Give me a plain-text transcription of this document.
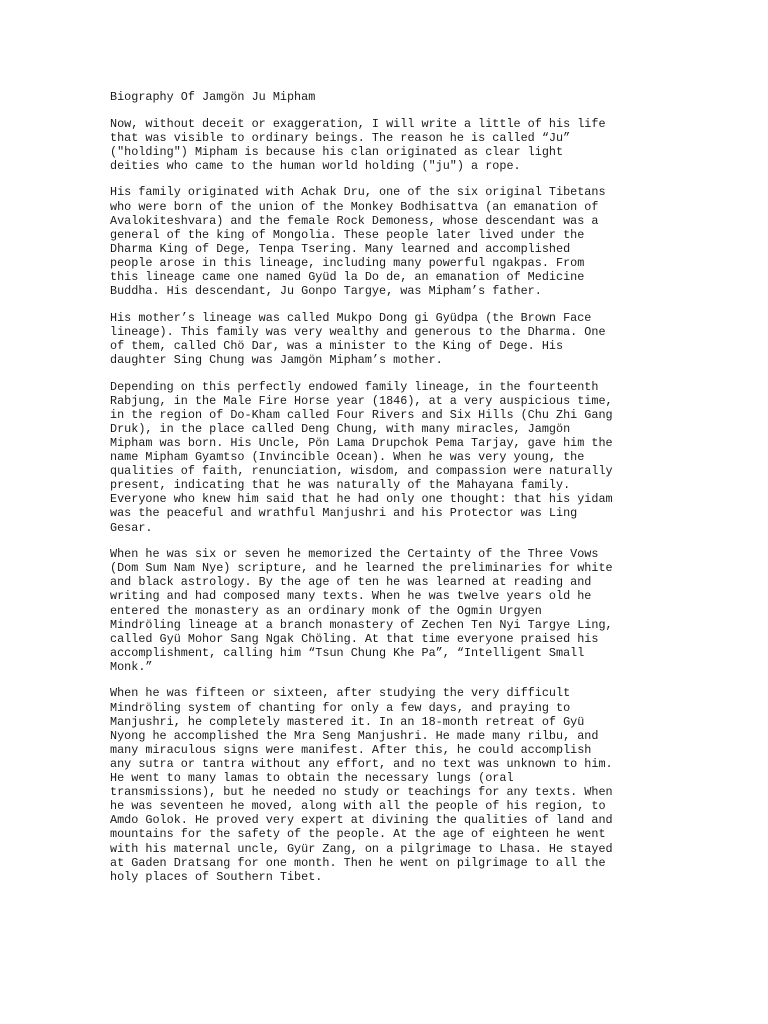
Biography Of Jamgön Ju Mipham
Now, without deceit or exaggeration, I will write a little of his life
that was visible to ordinary beings. The reason he is called “Ju”
("holding") Mipham is because his clan originated as clear light
deities who came to the human world holding ("ju") a rope.
His family originated with Achak Dru, one of the six original Tibetans
who were born of the union of the Monkey Bodhisattva (an emanation of
Avalokiteshvara) and the female Rock Demoness, whose descendant was a
general of the king of Mongolia. These people later lived under the
Dharma King of Dege, Tenpa Tsering. Many learned and accomplished
people arose in this lineage, including many powerful ngakpas. From
this lineage came one named Gyüd la Do de, an emanation of Medicine
Buddha. His descendant, Ju Gonpo Targye, was Mipham’s father.
His mother’s lineage was called Mukpo Dong gi Gyüdpa (the Brown Face
lineage). This family was very wealthy and generous to the Dharma. One
of them, called Chö Dar, was a minister to the King of Dege. His
daughter Sing Chung was Jamgön Mipham’s mother.
Depending on this perfectly endowed family lineage, in the fourteenth
Rabjung, in the Male Fire Horse year (1846), at a very auspicious time,
in the region of Do-Kham called Four Rivers and Six Hills (Chu Zhi Gang
Druk), in the place called Deng Chung, with many miracles, Jamgön
Mipham was born. His Uncle, Pön Lama Drupchok Pema Tarjay, gave him the
name Mipham Gyamtso (Invincible Ocean). When he was very young, the
qualities of faith, renunciation, wisdom, and compassion were naturally
present, indicating that he was naturally of the Mahayana family.
Everyone who knew him said that he had only one thought: that his yidam
was the peaceful and wrathful Manjushri and his Protector was Ling
Gesar.
When he was six or seven he memorized the Certainty of the Three Vows
(Dom Sum Nam Nye) scripture, and he learned the preliminaries for white
and black astrology. By the age of ten he was learned at reading and
writing and had composed many texts. When he was twelve years old he
entered the monastery as an ordinary monk of the Ogmin Urgyen
Mindröling lineage at a branch monastery of Zechen Ten Nyi Targye Ling,
called Gyü Mohor Sang Ngak Chöling. At that time everyone praised his
accomplishment, calling him “Tsun Chung Khe Pa”, “Intelligent Small
Monk.”
When he was fifteen or sixteen, after studying the very difficult
Mindröling system of chanting for only a few days, and praying to
Manjushri, he completely mastered it. In an 18-month retreat of Gyü
Nyong he accomplished the Mra Seng Manjushri. He made many rilbu, and
many miraculous signs were manifest. After this, he could accomplish
any sutra or tantra without any effort, and no text was unknown to him.
He went to many lamas to obtain the necessary lungs (oral
transmissions), but he needed no study or teachings for any texts. When
he was seventeen he moved, along with all the people of his region, to
Amdo Golok. He proved very expert at divining the qualities of land and
mountains for the safety of the people. At the age of eighteen he went
with his maternal uncle, Gyür Zang, on a pilgrimage to Lhasa. He stayed
at Gaden Dratsang for one month. Then he went on pilgrimage to all the
holy places of Southern Tibet.
